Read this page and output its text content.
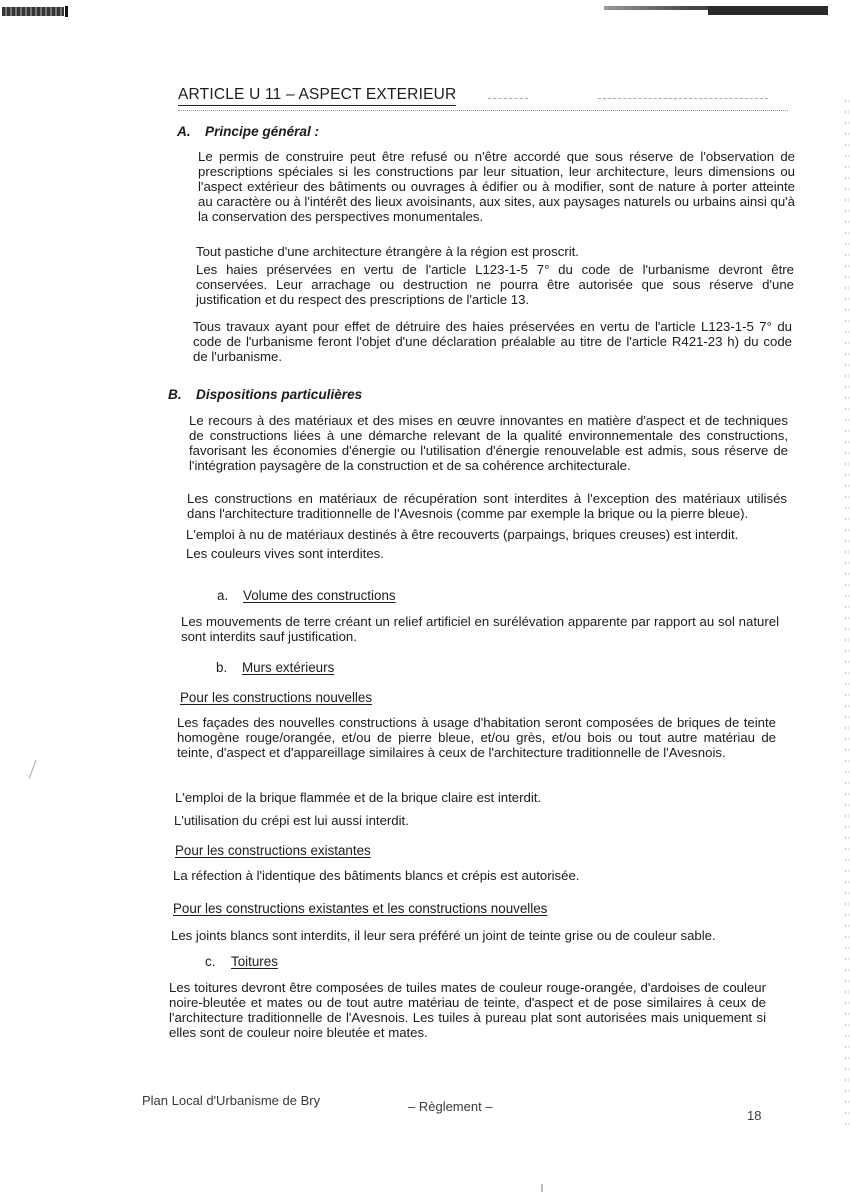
ARTICLE U 11 – ASPECT EXTERIEUR
A. Principe général :
Le permis de construire peut être refusé ou n'être accordé que sous réserve de l'observation de prescriptions spéciales si les constructions par leur situation, leur architecture, leurs dimensions ou l'aspect extérieur des bâtiments ou ouvrages à édifier ou à modifier, sont de nature à porter atteinte au caractère ou à l'intérêt des lieux avoisinants, aux sites, aux paysages naturels ou urbains ainsi qu'à la conservation des perspectives monumentales.
Tout pastiche d'une architecture étrangère à la région est proscrit.
Les haies préservées en vertu de l'article L123-1-5 7° du code de l'urbanisme devront être conservées. Leur arrachage ou destruction ne pourra être autorisée que sous réserve d'une justification et du respect des prescriptions de l'article 13.
Tous travaux ayant pour effet de détruire des haies préservées en vertu de l'article L123-1-5 7° du code de l'urbanisme feront l'objet d'une déclaration préalable au titre de l'article R421-23 h) du code de l'urbanisme.
B. Dispositions particulières
Le recours à des matériaux et des mises en œuvre innovantes en matière d'aspect et de techniques de constructions liées à une démarche relevant de la qualité environnementale des constructions, favorisant les économies d'énergie ou l'utilisation d'énergie renouvelable est admis, sous réserve de l'intégration paysagère de la construction et de sa cohérence architecturale.
Les constructions en matériaux de récupération sont interdites à l'exception des matériaux utilisés dans l'architecture traditionnelle de l'Avesnois (comme par exemple la brique ou la pierre bleue).
L'emploi à nu de matériaux destinés à être recouverts (parpaings, briques creuses) est interdit.
Les couleurs vives sont interdites.
a. Volume des constructions
Les mouvements de terre créant un relief artificiel en surélévation apparente par rapport au sol naturel sont interdits sauf justification.
b. Murs extérieurs
Pour les constructions nouvelles
Les façades des nouvelles constructions à usage d'habitation seront composées de briques de teinte homogène rouge/orangée, et/ou de pierre bleue, et/ou grès, et/ou bois ou tout autre matériau de teinte, d'aspect et d'appareillage similaires à ceux de l'architecture traditionnelle de l'Avesnois.
L'emploi de la brique flammée et de la brique claire est interdit.
L'utilisation du crépi est lui aussi interdit.
Pour les constructions existantes
La réfection à l'identique des bâtiments blancs et crépis est autorisée.
Pour les constructions existantes et les constructions nouvelles
Les joints blancs sont interdits, il leur sera préféré un joint de teinte grise ou de couleur sable.
c. Toitures
Les toitures devront être composées de tuiles mates de couleur rouge-orangée, d'ardoises de couleur noire-bleutée et mates ou de tout autre matériau de teinte, d'aspect et de pose similaires à ceux de l'architecture traditionnelle de l'Avesnois. Les tuiles à pureau plat sont autorisées mais uniquement si elles sont de couleur noire bleutée et mates.
Plan Local d'Urbanisme de Bry	– Règlement –
18
